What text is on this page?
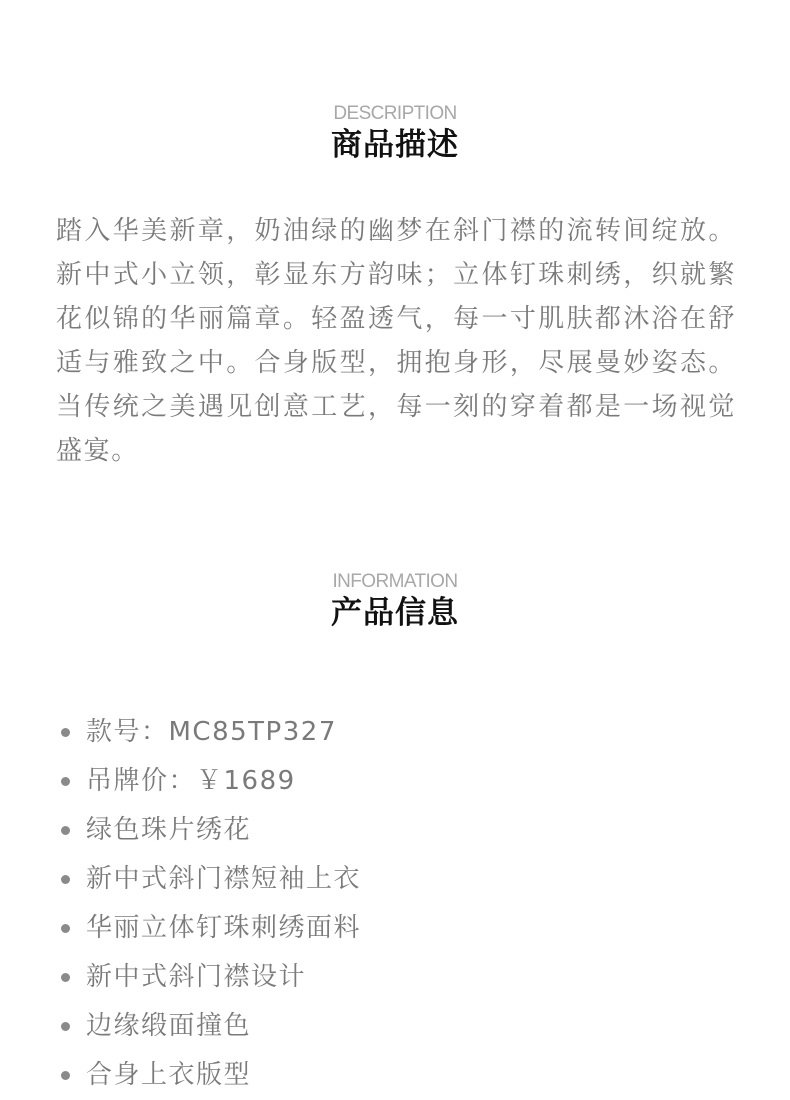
DESCRIPTION
商品描述

踏入华美新章，奶油绿的幽梦在斜门襟的流转间绽放。新中式小立领，彰显东方韵味；立体钉珠刺绣，织就繁花似锦的华丽篇章。轻盈透气，每一寸肌肤都沐浴在舒适与雅致之中。合身版型，拥抱身形，尽展曼妙姿态。当传统之美遇见创意工艺，每一刻的穿着都是一场视觉盛宴。

INFORMATION
产品信息
款号：MC85TP327
吊牌价：￥1689
绿色珠片绣花
新中式斜门襟短袖上衣
华丽立体钉珠刺绣面料
新中式斜门襟设计
边缘缎面撞色
合身上衣版型
